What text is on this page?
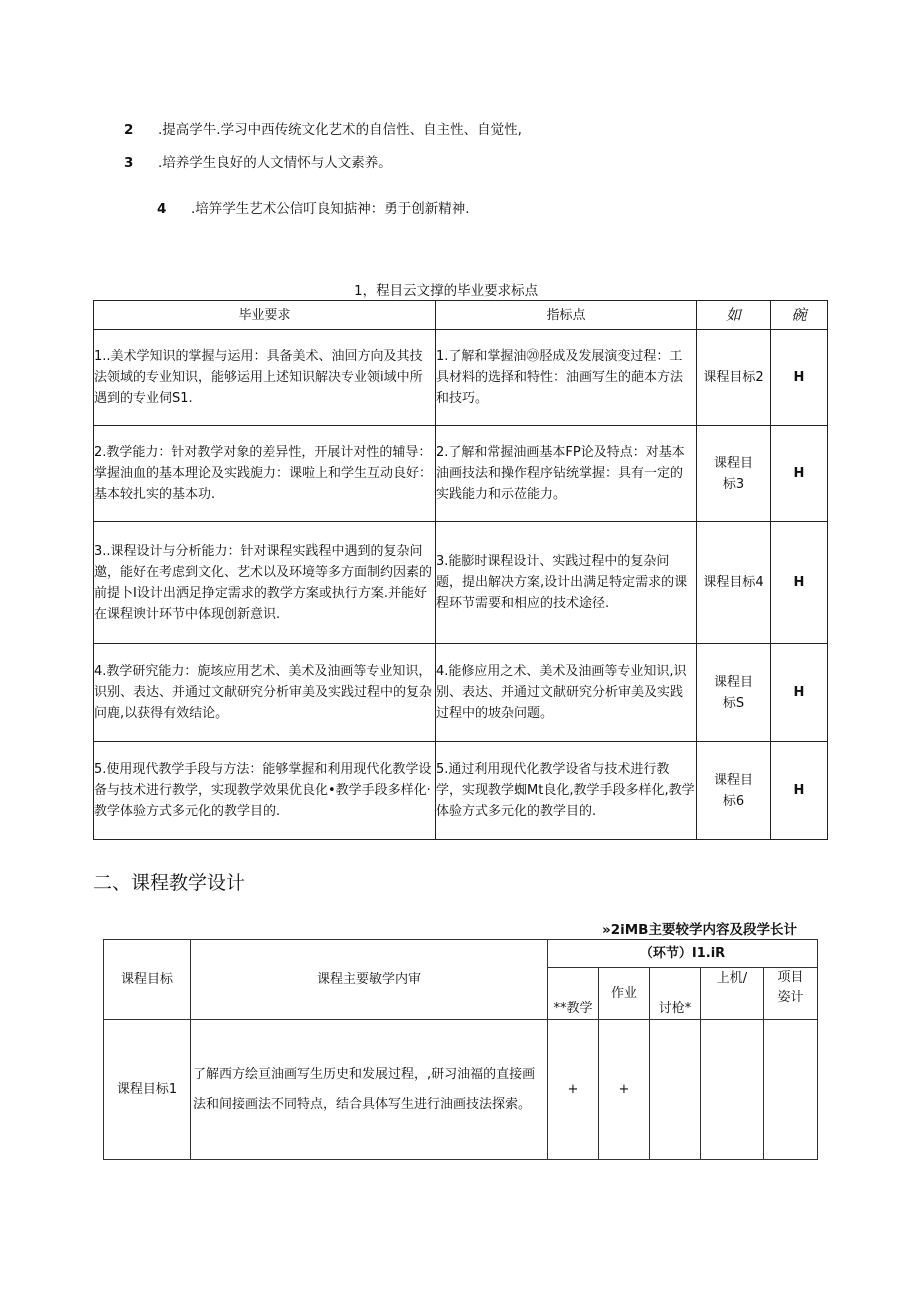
2 .提高学牛.学习中西传统文化艺术的自信性、自主性、自觉性,
3 .培养学生良好的人文情怀与人文素养。
4 .培笄学生艺术公信叮良知掂神：勇于创新精神.
1，程目云文撑的毕业要求标点
毕业要求	指标点	如	碗
1..美术学知识的掌握与运用：具备美术、油回方向及其技法领域的专业知识，能够运用上述知识解决专业领i域中所遇到的专业伺S1.	1.了解和掌握油⑳胫成及发展演变过程：工具材料的选择和特性：油画写生的葩本方法和技巧。	课程目标2	H
2.教学能力：针对教学对象的差异性，开展计对性的辅导：掌握油血的基本理论及实践旎力：课啦上和学生互动良好：基本较扎实的基本功.	2.了解和常握油画基本FP论及特点：对基本油画技法和操作程序钻统掌握：具有一定的实践能力和示莅能力。	课程目标3	H
3..课程设计与分析能力：针对课程实践程中遇到的复杂问邀，能好在考虑到文化、艺术以及环境等多方面制约因素的前提卜I设计出洒足挣定需求的教学方案或执行方案.并能好在课程谀计环节中体现创新意识.	3.能膨时课程设计、实践过程中的复杂问题，提出解决方案,设计出满足特定需求的课程环节需要和相应的技术途径.	课程目标4	H
4.教学研究能力：旎垓应用艺术、美术及油画等专业知识，识别、表达、并通过文献研究分析审美及实践过程中的复杂问鹿,以获得有效结论。	4.能修应用之术、美术及油画等专业知识,识别、表达、并通过文献研究分析审美及实践过程中的坡杂问题。	课程目标S	H
5.使用现代教学手段与方法：能够掌握和利用现代化教学设备与技术进行教学，实现教学效果优良化•教学手段多样化·教学体验方式多元化的教学目的.	5.通过利用现代化教学设省与技术进行教学，实现教学蜘Mt良化,教学手段多样化,教学体验方式多元化的教学目的.	课程目标6	H
二、课程教学设计
»2iMB主要较学内容及段学长计
课程目标	课程主要敏学内审	（环节）I1.iR				
		**教学	作业	讨枪*	上机/	项目
姿计
课程目标1	了解西方绘亘油画写生历史和发展过程，,研习油福的直接画法和间接画法不同特点，结合具体写生进行油画技法探索。	+	+			
